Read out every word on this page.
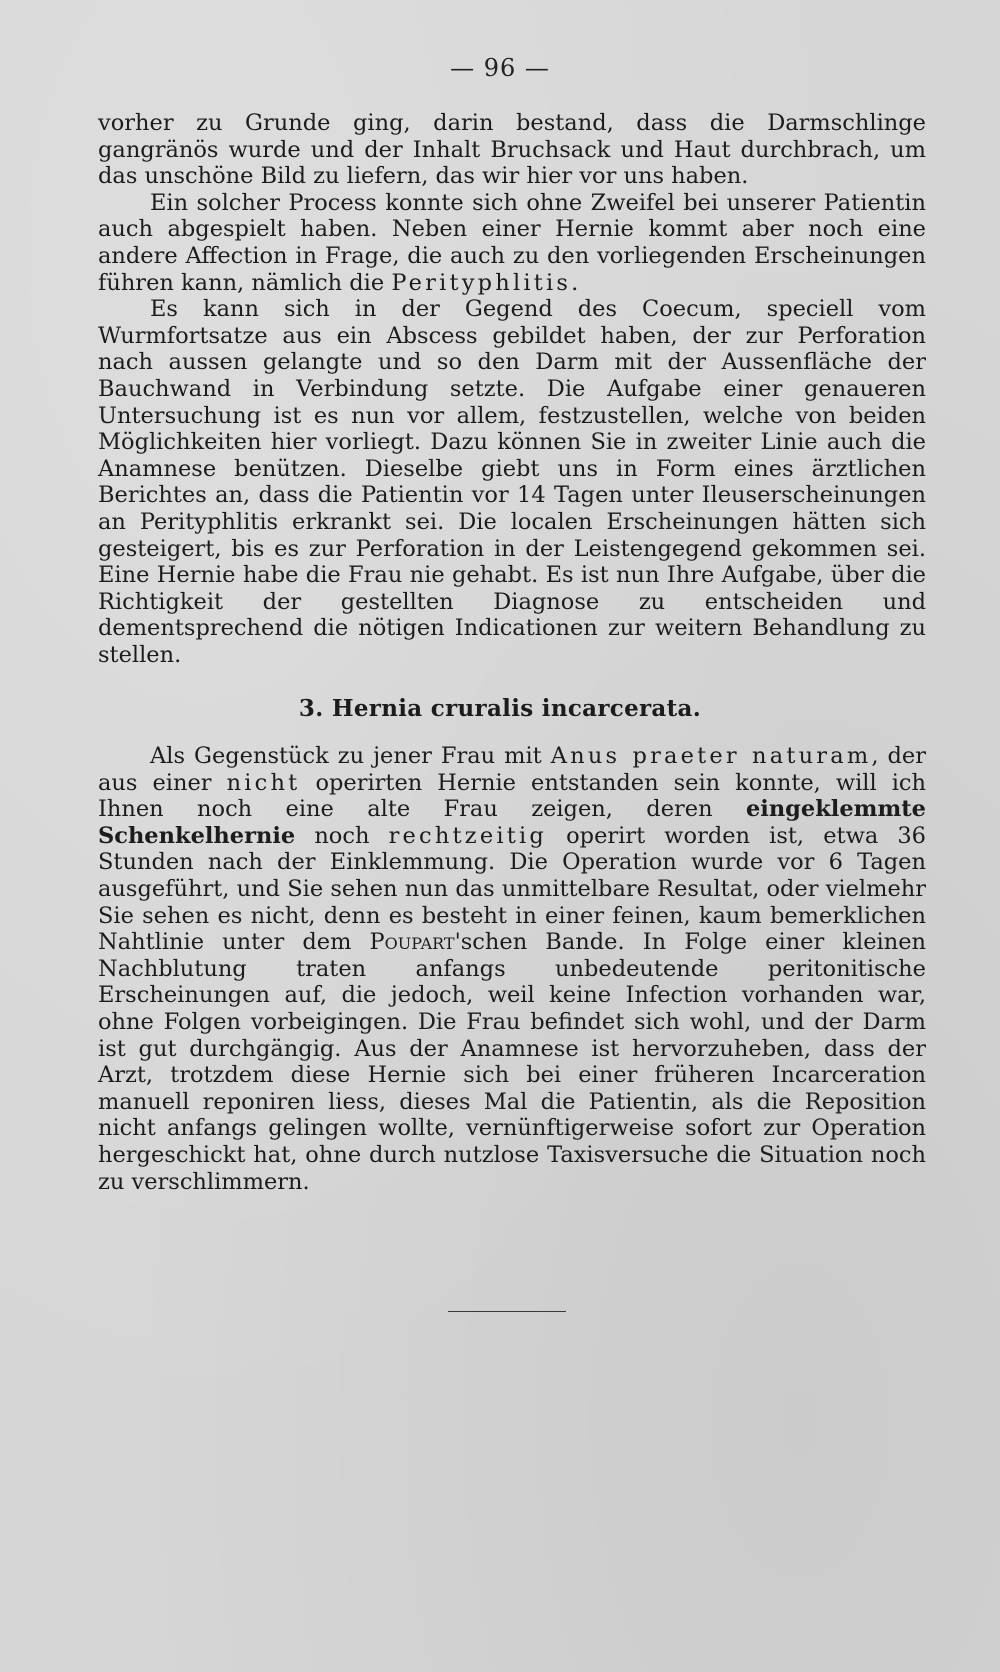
— 96 —

vorher zu Grunde ging, darin bestand, dass die Darmschlinge gangränös wurde und der Inhalt Bruchsack und Haut durchbrach, um das unschöne Bild zu liefern, das wir hier vor uns haben.

Ein solcher Process konnte sich ohne Zweifel bei unserer Patientin auch abgespielt haben. Neben einer Hernie kommt aber noch eine andere Affection in Frage, die auch zu den vorliegenden Erscheinungen führen kann, nämlich die Perityphlitis.

Es kann sich in der Gegend des Coecum, speciell vom Wurmfortsatze aus ein Abscess gebildet haben, der zur Perforation nach aussen gelangte und so den Darm mit der Aussenfläche der Bauchwand in Verbindung setzte. Die Aufgabe einer genaueren Untersuchung ist es nun vor allem, festzustellen, welche von beiden Möglichkeiten hier vorliegt. Dazu können Sie in zweiter Linie auch die Anamnese benützen. Dieselbe giebt uns in Form eines ärztlichen Berichtes an, dass die Patientin vor 14 Tagen unter Ileuserscheinungen an Perityphlitis erkrankt sei. Die localen Erscheinungen hätten sich gesteigert, bis es zur Perforation in der Leistengegend gekommen sei. Eine Hernie habe die Frau nie gehabt. Es ist nun Ihre Aufgabe, über die Richtigkeit der gestellten Diagnose zu entscheiden und dementsprechend die nötigen Indicationen zur weitern Behandlung zu stellen.

3. Hernia cruralis incarcerata.

Als Gegenstück zu jener Frau mit Anus praeter naturam, der aus einer nicht operirten Hernie entstanden sein konnte, will ich Ihnen noch eine alte Frau zeigen, deren eingeklemmte Schenkelhernie noch rechtzeitig operirt worden ist, etwa 36 Stunden nach der Einklemmung. Die Operation wurde vor 6 Tagen ausgeführt, und Sie sehen nun das unmittelbare Resultat, oder vielmehr Sie sehen es nicht, denn es besteht in einer feinen, kaum bemerklichen Nahtlinie unter dem Poupart'schen Bande. In Folge einer kleinen Nachblutung traten anfangs unbedeutende peritonitische Erscheinungen auf, die jedoch, weil keine Infection vorhanden war, ohne Folgen vorbeigingen. Die Frau befindet sich wohl, und der Darm ist gut durchgängig. Aus der Anamnese ist hervorzuheben, dass der Arzt, trotzdem diese Hernie sich bei einer früheren Incarceration manuell reponiren liess, dieses Mal die Patientin, als die Reposition nicht anfangs gelingen wollte, vernünftigerweise sofort zur Operation hergeschickt hat, ohne durch nutzlose Taxisversuche die Situation noch zu verschlimmern.
